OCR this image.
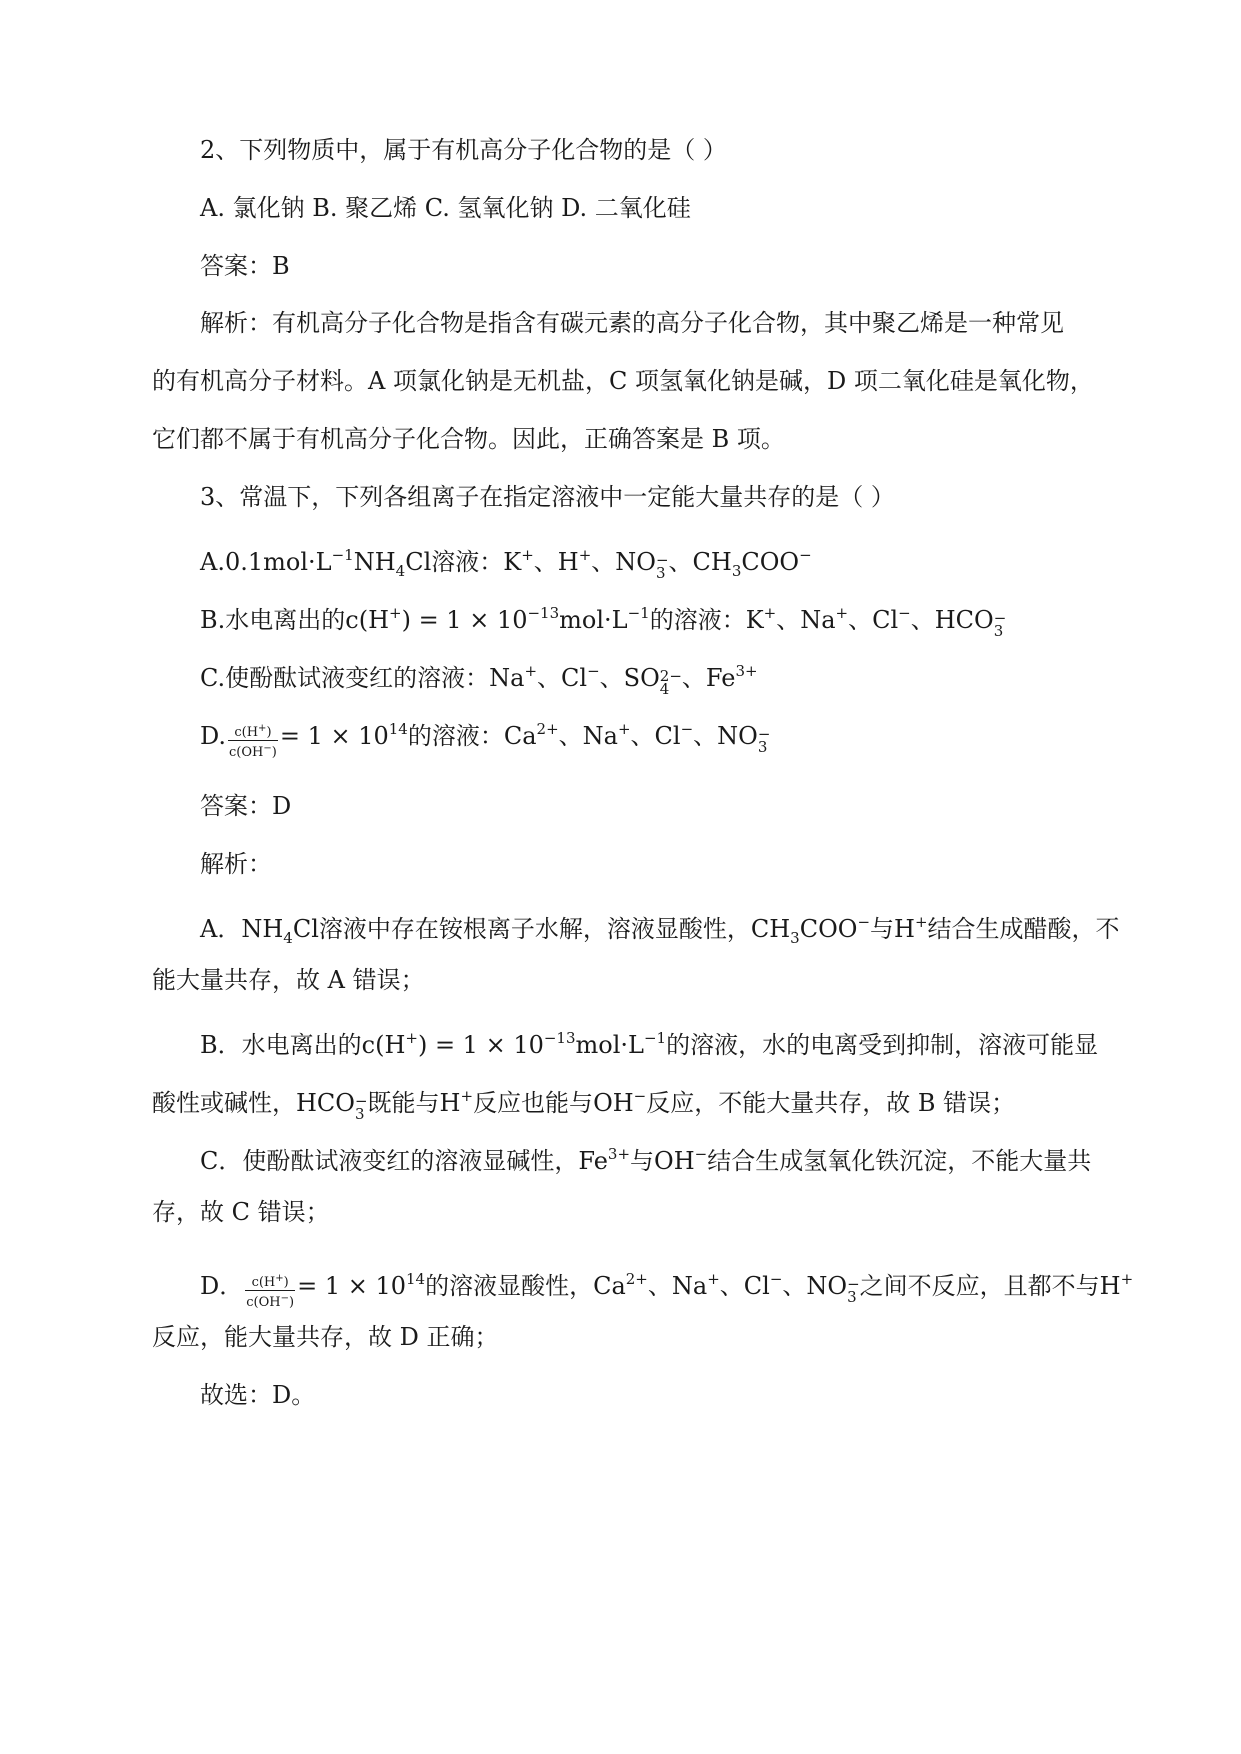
2、下列物质中，属于有机高分子化合物的是（ ）
A. 氯化钠 B. 聚乙烯 C. 氢氧化钠 D. 二氧化硅
答案：B
解析：有机高分子化合物是指含有碳元素的高分子化合物，其中聚乙烯是一种常见
的有机高分子材料。A 项氯化钠是无机盐，C 项氢氧化钠是碱，D 项二氧化硅是氧化物，
它们都不属于有机高分子化合物。因此，正确答案是 B 项。
3、常温下，下列各组离子在指定溶液中一定能大量共存的是（ ）
$A.0.1mol\cdot L^{-1}NH_4Cl$溶液：K+、H+、NO −
3 、$CH_3COO^-$
B.水电离出的$c(H^+) = 1 \times 10^{-13}mol\cdot L^{-1}$的溶液：K+、Na+、Cl−、HCO −
3
C.使酚酞试液变红的溶液：Na+、Cl−、SO 2−
4 、$Fe^{3+}$
D. $\frac{c(H^+)}{c(OH^-)} = 1 \times 10^{14}$的溶液：$Ca^{2+}$、Na+、Cl−、NO −
3
答案：D
解析：
A．$NH_4Cl$溶液中存在铵根离子水解，溶液显酸性，$CH_3COO^-$与H+结合生成醋酸，不
能大量共存，故 A 错误；
B．水电离出的$c(H^+) = 1 \times 10^{-13}mol\cdot L^{-1}$的溶液，水的电离受到抑制，溶液可能显
酸性或碱性，HCO −
3 既能与H+反应也能与OH−反应，不能大量共存，故 B 错误；
C．使酚酞试液变红的溶液显碱性，$Fe^{3+}$与OH−结合生成氢氧化铁沉淀，不能大量共
存，故 C 错误；
D． $\frac{c(H^+)}{c(OH^-)} = 1 \times 10^{14}$的溶液显酸性，$Ca^{2+}$、Na+、Cl−、NO −
3 之间不反应，且都不与H+
反应，能大量共存，故 D 正确；
故选：D。
